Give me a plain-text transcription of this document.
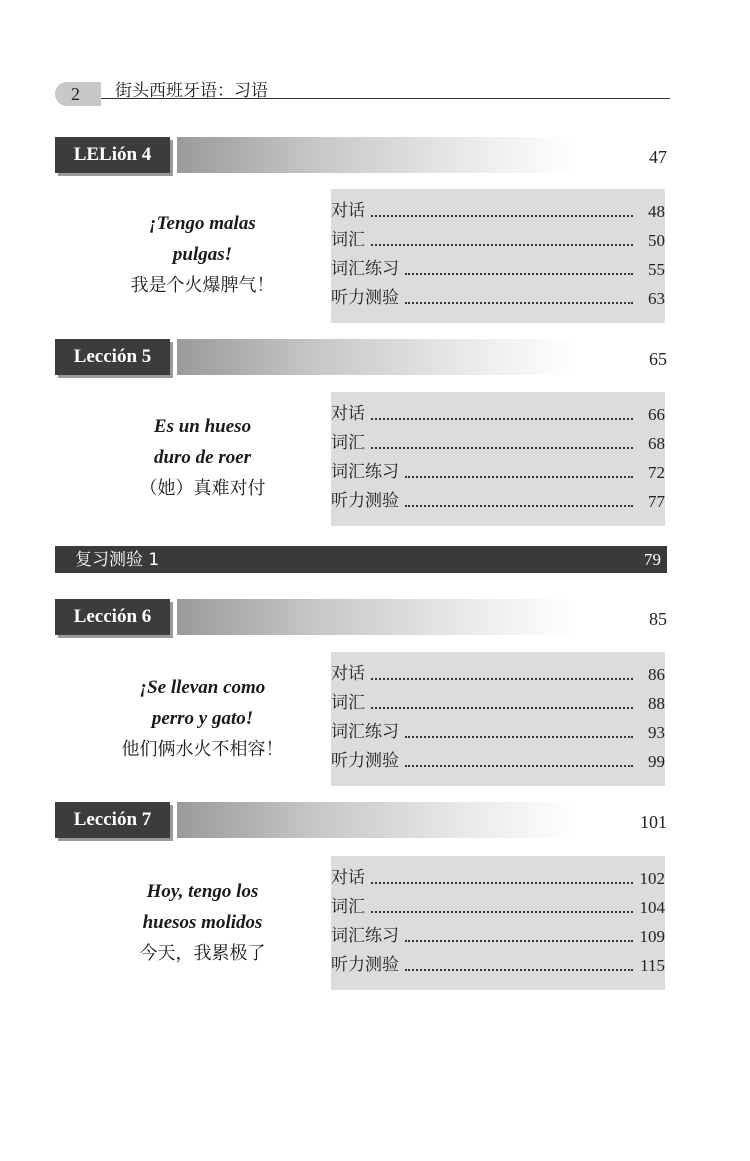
2 街头西班牙语：习语
LELión 4	47
¡Tengo malas
pulgas!
我是个火爆脾气！
对话	48
词汇	50
词汇练习	55
听力测验	63
Lección 5	65
Es un hueso
duro de roer
（她）真难对付
对话	66
词汇	68
词汇练习	72
听力测验	77
复习测验 1	79
Lección 6	85
¡Se llevan como
perro y gato!
他们俩水火不相容！
对话	86
词汇	88
词汇练习	93
听力测验	99
Lección 7	101
Hoy, tengo los
huesos molidos
今天，我累极了
对话	102
词汇	104
词汇练习	109
听力测验	115
